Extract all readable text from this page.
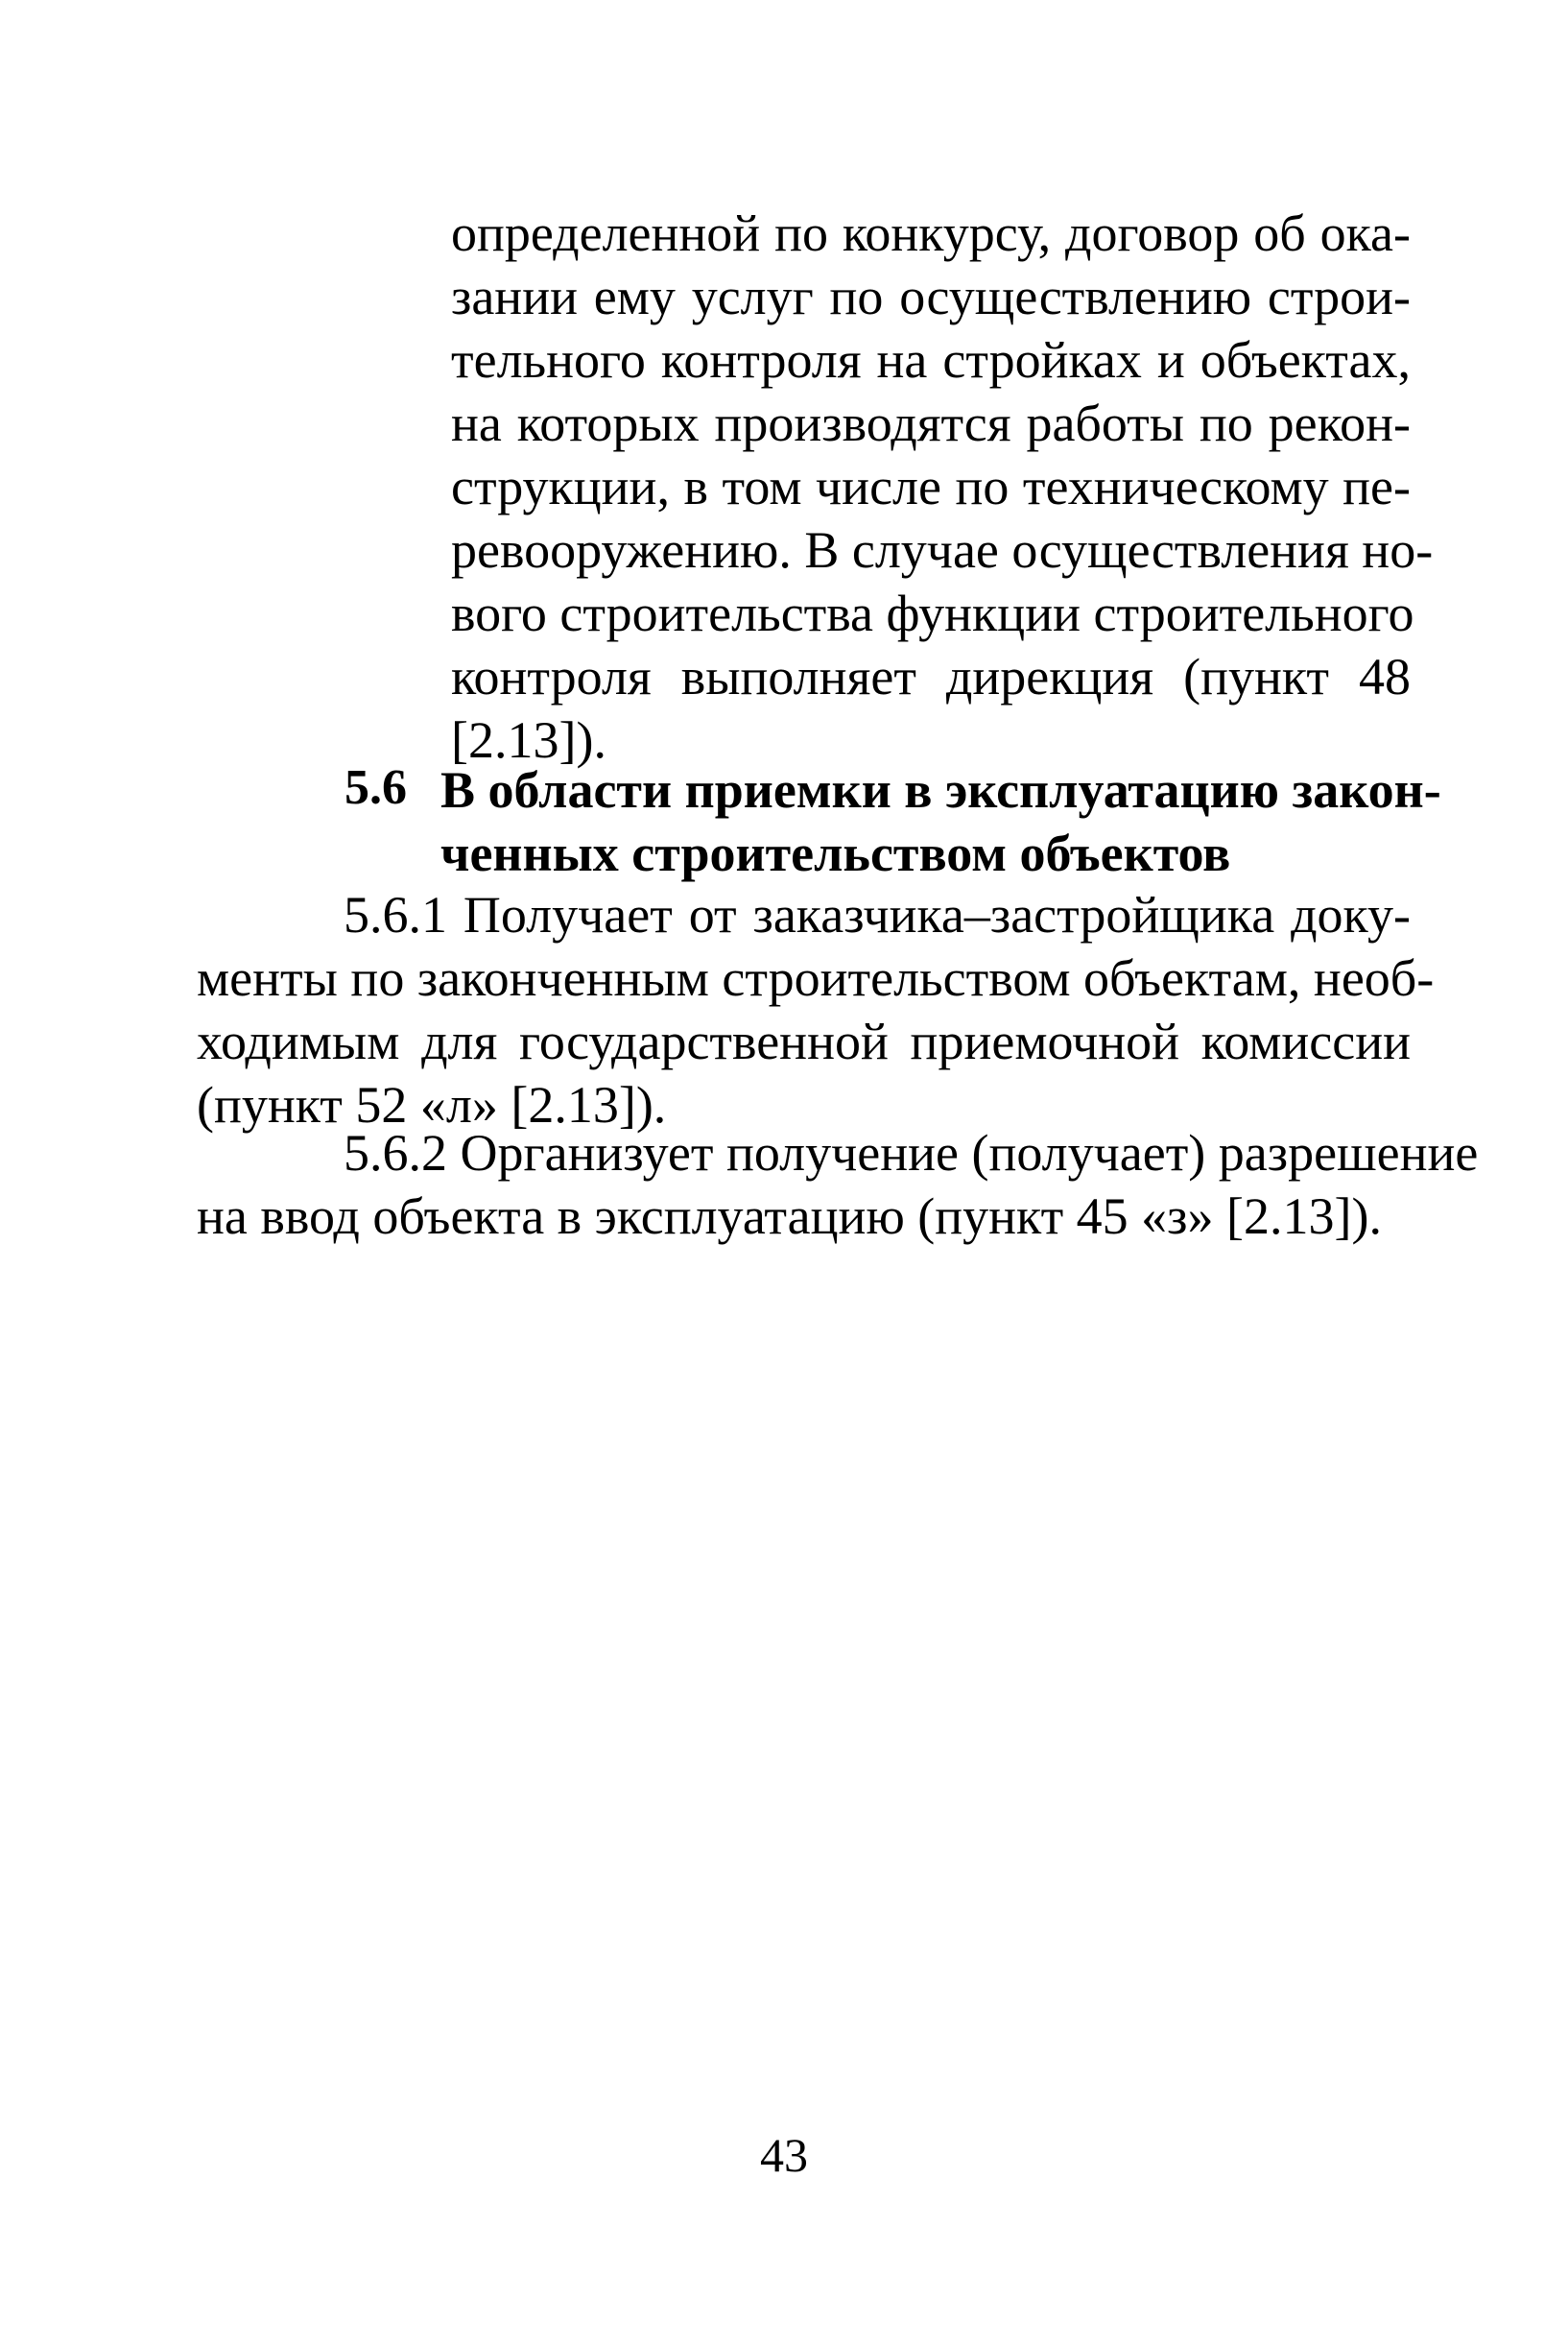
определенной по конкурсу, договор об ока-
зании ему услуг по осуществлению строи-
тельного контроля на стройках и объектах,
на которых производятся работы по рекон-
струкции, в том числе по техническому пе-
ревооружению. В случае осуществления но-
вого строительства функции строительного
контроля выполняет дирекция (пункт 48
[2.13]).
5.6 В области приемки в эксплуатацию закон-
ченных строительством объектов
5.6.1 Получает от заказчика–застройщика доку-
менты по законченным строительством объектам, необ-
ходимым для государственной приемочной комиссии
(пункт 52 «л» [2.13]).
5.6.2 Организует получение (получает) разрешение
на ввод объекта в эксплуатацию (пункт 45 «з» [2.13]).
43
